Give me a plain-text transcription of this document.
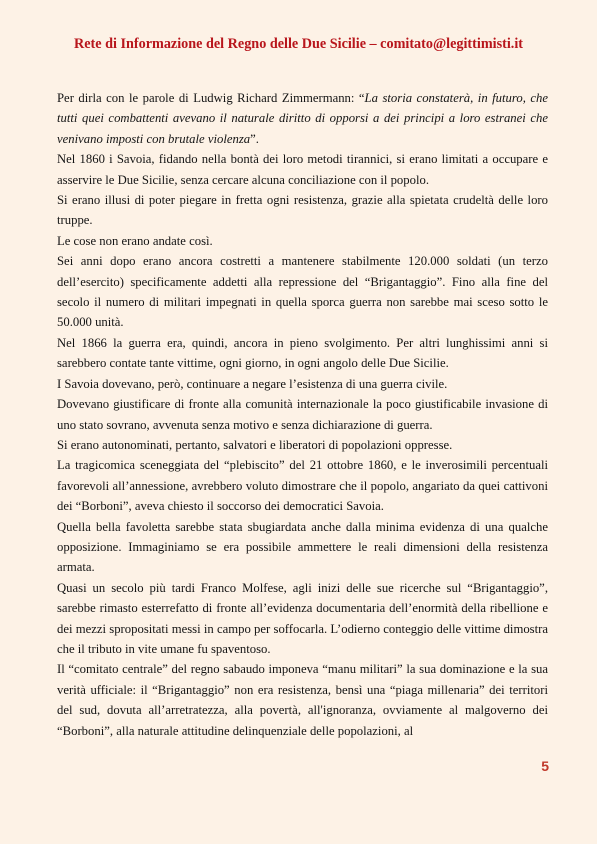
Rete di Informazione del Regno delle Due Sicilie – comitato@legittimisti.it

Per dirla con le parole di Ludwig Richard Zimmermann: “La storia constaterà, in futuro, che tutti quei combattenti avevano il naturale diritto di opporsi a dei principi a loro estranei che venivano imposti con brutale violenza”.

Nel 1860 i Savoia, fidando nella bontà dei loro metodi tirannici, si erano limitati a occupare e asservire le Due Sicilie, senza cercare alcuna conciliazione con il popolo.

Si erano illusi di poter piegare in fretta ogni resistenza, grazie alla spietata crudeltà delle loro truppe.

Le cose non erano andate così.

Sei anni dopo erano ancora costretti a mantenere stabilmente 120.000 soldati (un terzo dell’esercito) specificamente addetti alla repressione del “Brigantaggio”. Fino alla fine del secolo il numero di militari impegnati in quella sporca guerra non sarebbe mai sceso sotto le 50.000 unità.

Nel 1866 la guerra era, quindi, ancora in pieno svolgimento. Per altri lunghissimi anni si sarebbero contate tante vittime, ogni giorno, in ogni angolo delle Due Sicilie.

I Savoia dovevano, però, continuare a negare l’esistenza di una guerra civile.

Dovevano giustificare di fronte alla comunità internazionale la poco giustificabile invasione di uno stato sovrano, avvenuta senza motivo e senza dichiarazione di guerra.

Si erano autonominati, pertanto, salvatori e liberatori di popolazioni oppresse.

La tragicomica sceneggiata del “plebiscito” del 21 ottobre 1860, e le inverosimili percentuali favorevoli all’annessione, avrebbero voluto dimostrare che il popolo, angariato da quei cattivoni dei “Borboni”, aveva chiesto il soccorso dei democratici Savoia.

Quella bella favoletta sarebbe stata sbugiardata anche dalla minima evidenza di una qualche opposizione. Immaginiamo se era possibile ammettere le reali dimensioni della resistenza armata.

Quasi un secolo più tardi Franco Molfese, agli inizi delle sue ricerche sul “Brigantaggio”, sarebbe rimasto esterrefatto di fronte all’evidenza documentaria dell’enormità della ribellione e dei mezzi spropositati messi in campo per soffocarla. L’odierno conteggio delle vittime dimostra che il tributo in vite umane fu spaventoso.

Il “comitato centrale” del regno sabaudo imponeva “manu militari” la sua dominazione e la sua verità ufficiale: il “Brigantaggio” non era resistenza, bensì una “piaga millenaria” dei territori del sud, dovuta all’arretratezza, alla povertà, all'ignoranza, ovviamente al malgoverno dei “Borboni”, alla naturale attitudine delinquenziale delle popolazioni, al

5
